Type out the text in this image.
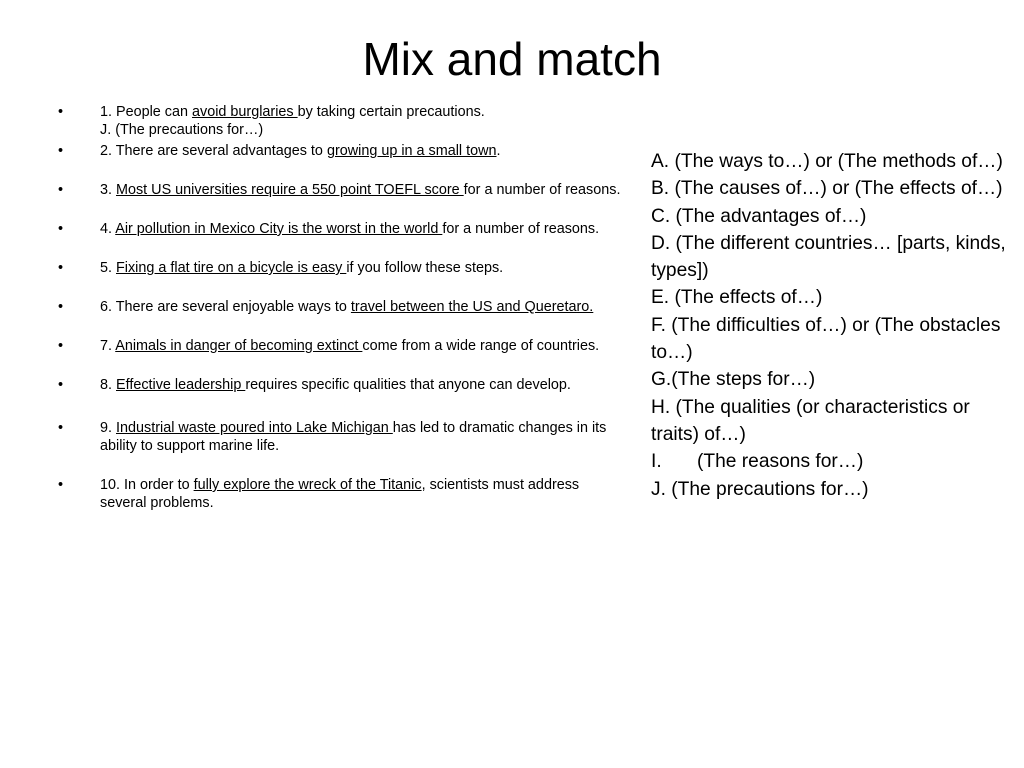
Mix and match
•	1. People can avoid burglaries by taking certain precautions.
J. (The precautions for…)
•	2. There are several advantages to growing up in a small town.
•	3. Most US universities require a 550 point TOEFL score for a number of reasons.
•	4. Air pollution in Mexico City is the worst in the world for a number of reasons.
•	5. Fixing a flat tire on a bicycle is easy if you follow these steps.
•	6. There are several enjoyable ways to travel between the US and Queretaro.
•	7. Animals in danger of becoming extinct come from a wide range of countries.
•	8. Effective leadership requires specific qualities that anyone can develop.
•	9. Industrial waste poured into Lake Michigan has led to dramatic changes in its ability to support marine life.
•	10. In order to fully explore the wreck of the Titanic, scientists must address several problems.
A. (The ways to…) or (The methods of…)
B. (The causes of…) or (The effects of…)
C. (The advantages of…)
D. (The different countries… [parts, kinds, types])
E. (The effects of…)
F. (The difficulties of…) or (The obstacles to…)
G.(The steps for…)
H. (The qualities (or characteristics or traits) of…)
I. (The reasons for…)
J. (The precautions for…)
